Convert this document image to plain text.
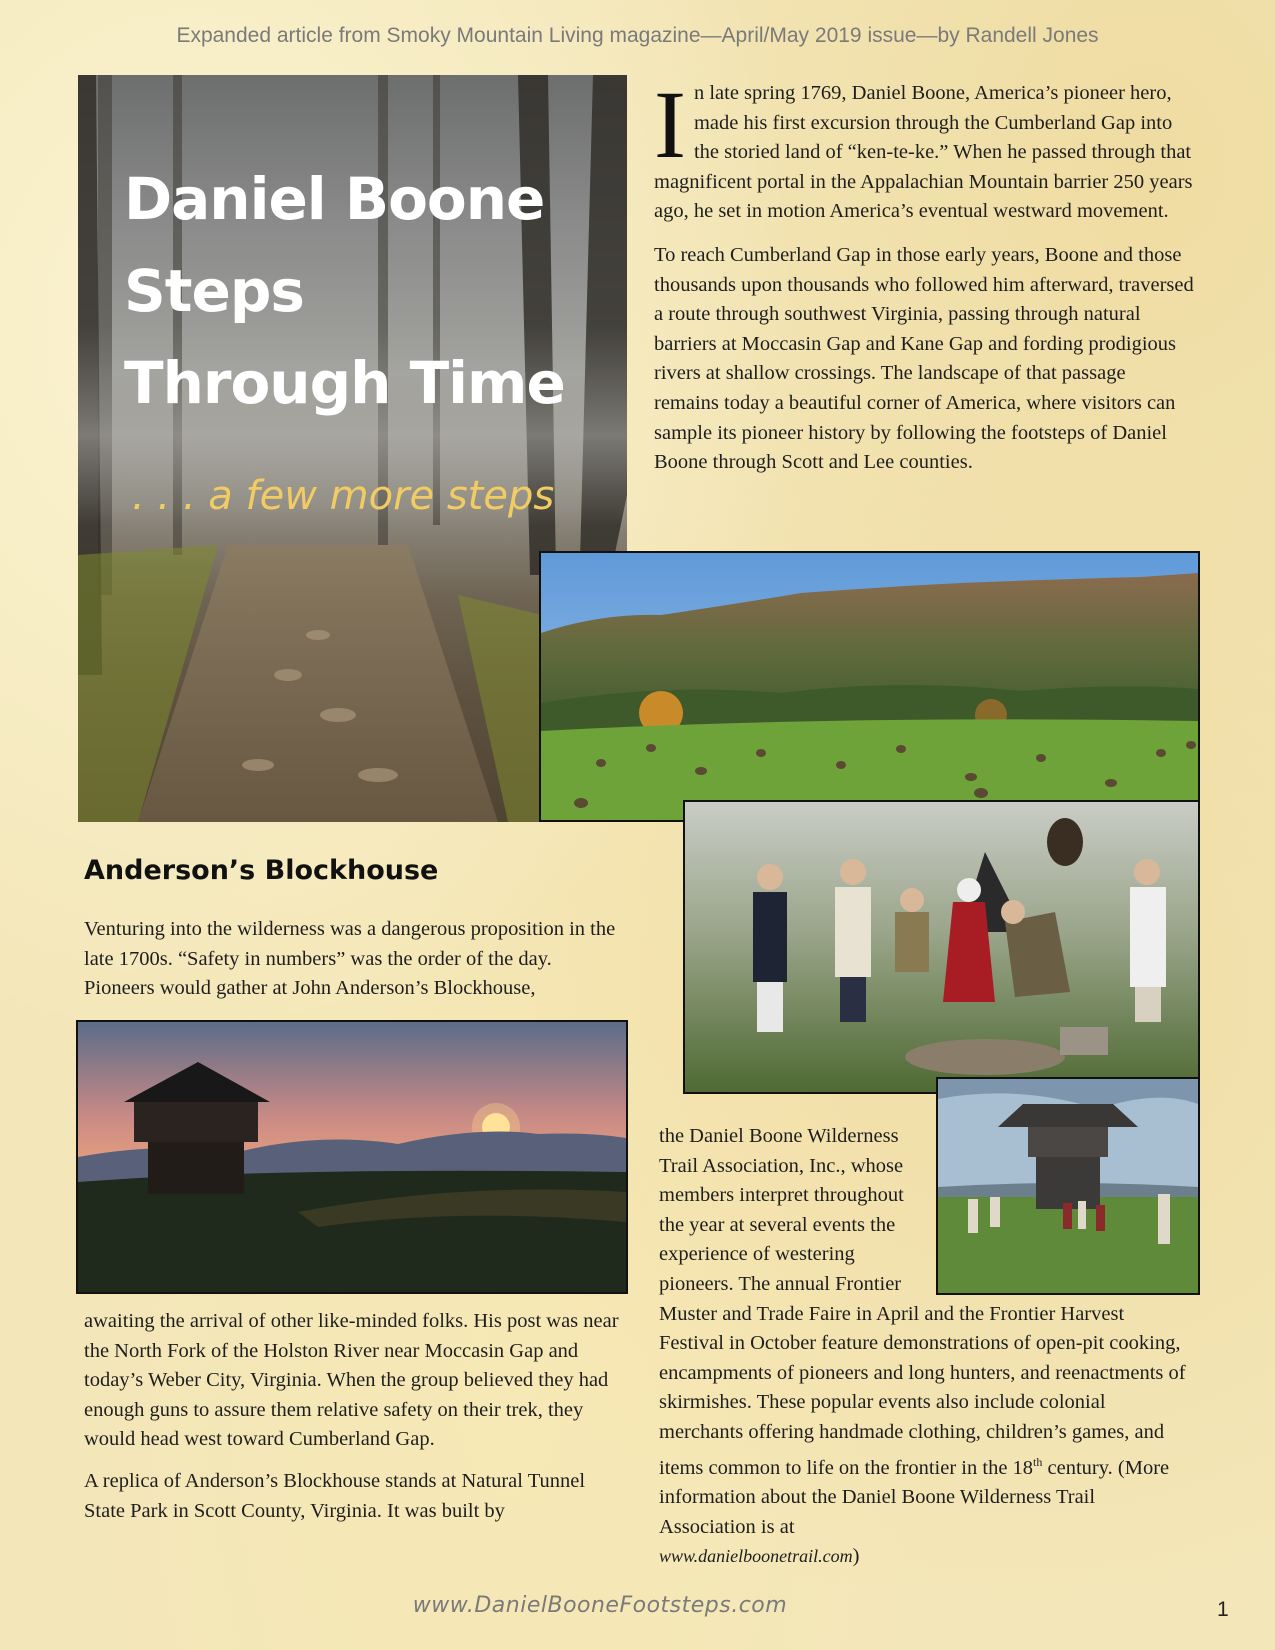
Expanded article from Smoky Mountain Living magazine—April/May 2019 issue—by Randell Jones
Daniel Boone
Steps
Through Time
. . . a few more steps

In late spring 1769, Daniel Boone, America’s pioneer hero, made his first excursion through the Cumberland Gap into the storied land of “ken-te-ke.” When he passed through that magnificent portal in the Appalachian Mountain barrier 250 years ago, he set in motion America’s eventual westward movement.

To reach Cumberland Gap in those early years, Boone and those thousands upon thousands who followed him afterward, traversed a route through southwest Virginia, passing through natural barriers at Moccasin Gap and Kane Gap and fording prodigious rivers at shallow crossings. The landscape of that passage remains today a beautiful corner of America, where visitors can sample its pioneer history by following the footsteps of Daniel Boone through Scott and Lee counties.

Anderson’s Blockhouse

Venturing into the wilderness was a dangerous proposition in the late 1700s. “Safety in numbers” was the order of the day. Pioneers would gather at John Anderson’s Blockhouse,

awaiting the arrival of other like-minded folks. His post was near the North Fork of the Holston River near Moccasin Gap and today’s Weber City, Virginia. When the group believed they had enough guns to assure them relative safety on their trek, they would head west toward Cumberland Gap.

A replica of Anderson’s Blockhouse stands at Natural Tunnel State Park in Scott County, Virginia. It was built by

the Daniel Boone Wilderness
Trail Association, Inc., whose
members interpret throughout
the year at several events the
experience of westering
pioneers. The annual Frontier

Muster and Trade Faire in April and the Frontier Harvest Festival in October feature demonstrations of open-pit cooking, encampments of pioneers and long hunters, and reenactments of skirmishes. These popular events also include colonial merchants offering handmade clothing, children’s games, and items common to life on the frontier in the 18th century. (More information about the Daniel Boone Wilderness Trail Association is at
www.danielboonetrail.com)

www.DanielBooneFootsteps.com	1
